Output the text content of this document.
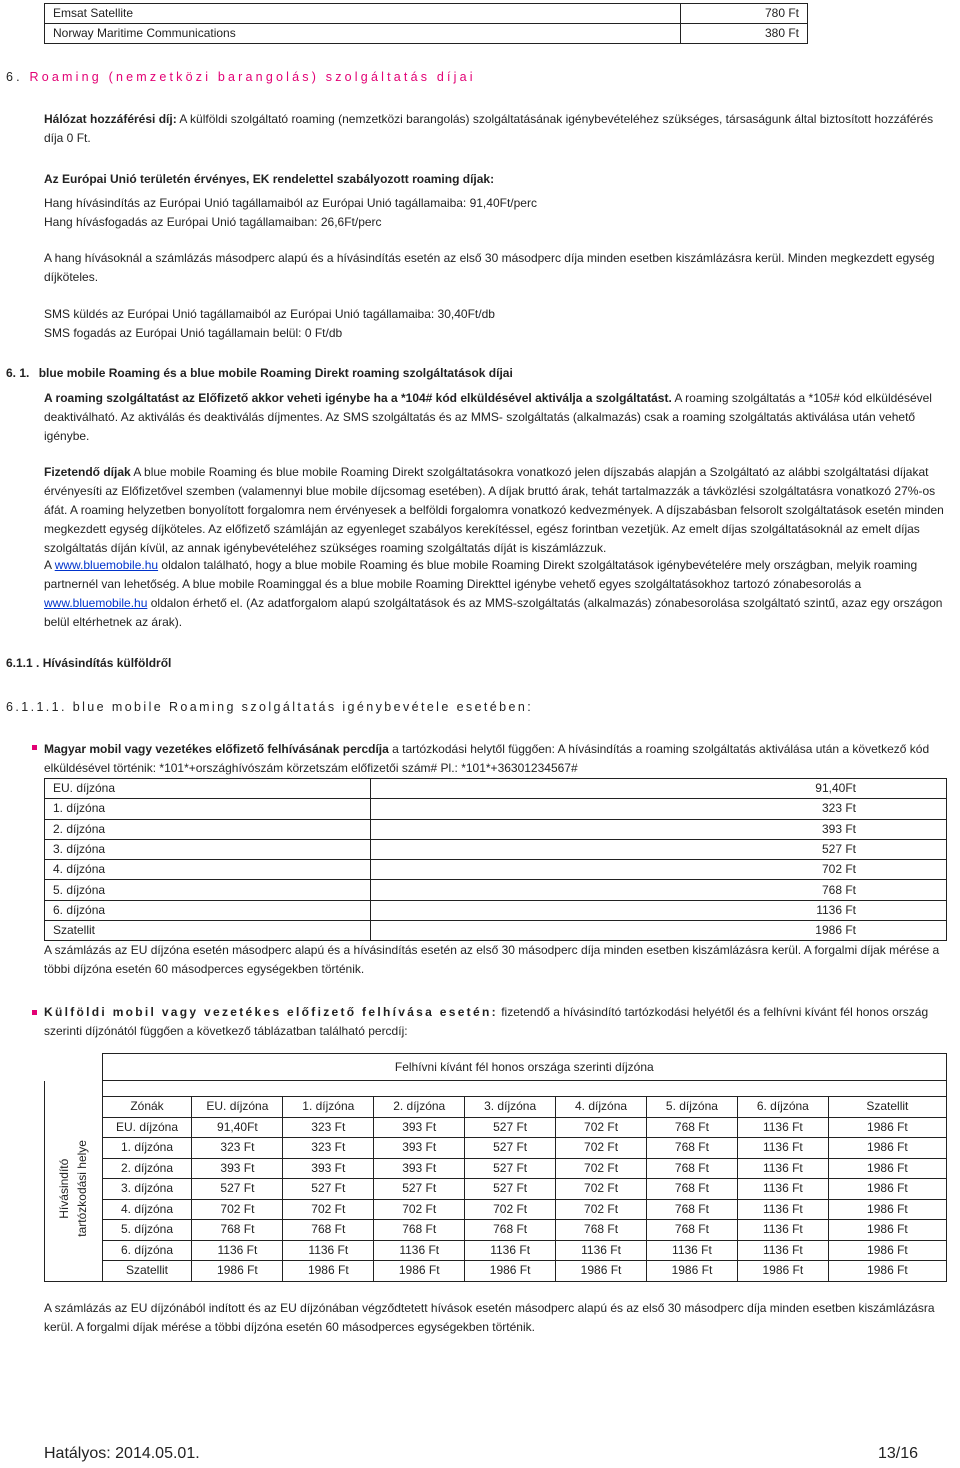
Emsat Satellite	780 Ft
Norway Maritime Communications	380 Ft
6. Roaming (nemzetközi barangolás) szolgáltatás díjai

Hálózat hozzáférési díj: A külföldi szolgáltató roaming (nemzetközi barangolás) szolgáltatásának igénybevételéhez szükséges, társaságunk által biztosított hozzáférés díja 0 Ft.

Az Európai Unió területén érvényes, EK rendelettel szabályozott roaming díjak:
Hang hívásindítás az Európai Unió tagállamaiból az Európai Unió tagállamaiba: 91,40Ft/perc
Hang hívásfogadás az Európai Unió tagállamaiban: 26,6Ft/perc

A hang hívásoknál a számlázás másodperc alapú és a hívásindítás esetén az első 30 másodperc díja minden esetben kiszámlázásra kerül. Minden megkezdett egység díjköteles.

SMS küldés az Európai Unió tagállamaiból az Európai Unió tagállamaiba: 30,40Ft/db
SMS fogadás az Európai Unió tagállamain belül: 0 Ft/db
6. 1. blue mobile Roaming és a blue mobile Roaming Direkt roaming szolgáltatások díjai

A roaming szolgáltatást az Előfizető akkor veheti igénybe ha a *104# kód elküldésével aktiválja a szolgáltatást. A roaming szolgáltatás a *105# kód elküldésével deaktiválható. Az aktiválás és deaktiválás díjmentes. Az SMS szolgáltatás és az MMS- szolgáltatás (alkalmazás) csak a roaming szolgáltatás aktiválása után vehető igénybe.

Fizetendő díjak A blue mobile Roaming és blue mobile Roaming Direkt szolgáltatásokra vonatkozó jelen díjszabás alapján a Szolgáltató az alábbi szolgáltatási díjakat érvényesíti az Előfizetővel szemben (valamennyi blue mobile díjcsomag esetében). A díjak bruttó árak, tehát tartalmazzák a távközlési szolgáltatásra vonatkozó 27%-os áfát. A roaming helyzetben bonyolított forgalomra nem érvényesek a belföldi forgalomra vonatkozó kedvezmények. A díjszabásban felsorolt szolgáltatások esetén minden megkezdett egység díjköteles. Az előfizető számláján az egyenleget szabályos kerekítéssel, egész forintban vezetjük. Az emelt díjas szolgáltatásoknál az emelt díjas szolgáltatás díján kívül, az annak igénybevételéhez szükséges roaming szolgáltatás díját is kiszámlázzuk.

A www.bluemobile.hu oldalon található, hogy a blue mobile Roaming és blue mobile Roaming Direkt szolgáltatások igénybevételére mely országban, melyik roaming partnernél van lehetőség. A blue mobile Roaminggal és a blue mobile Roaming Direkttel igénybe vehető egyes szolgáltatásokhoz tartozó zónabesorolás a www.bluemobile.hu oldalon érhető el. (Az adatforgalom alapú szolgáltatások és az MMS-szolgáltatás (alkalmazás) zónabesorolása szolgáltató szintű, azaz egy országon belül eltérhetnek az árak).

6.1.1 . Hívásindítás külföldről
6.1.1.1. blue mobile Roaming szolgáltatás igénybevétele esetében:

Magyar mobil vagy vezetékes előfizető felhívásának percdíja a tartózkodási helytől függően: A hívásindítás a roaming szolgáltatás aktiválása után a következő kód elküldésével történik: *101*+országhívószám körzetszám előfizetői szám# Pl.: *101*+36301234567#

EU. díjzóna	91,40Ft
1. díjzóna	323 Ft
2. díjzóna	393 Ft
3. díjzóna	527 Ft
4. díjzóna	702 Ft
5. díjzóna	768 Ft
6. díjzóna	1136 Ft
Szatellit	1986 Ft

A számlázás az EU díjzóna esetén másodperc alapú és a hívásindítás esetén az első 30 másodperc díja minden esetben kiszámlázásra kerül. A forgalmi díjak mérése a többi díjzóna esetén 60 másodperces egységekben történik.

Külföldi mobil vagy vezetékes előfizető felhívása esetén: fizetendő a hívásindító tartózkodási helyétől és a felhívni kívánt fél honos ország szerinti díjzónától függően a következő táblázatban található percdíj:

	Felhívni kívánt fél honos országa szerinti díjzóna								

Hívásindító tartózkodási helye	Zónák	EU. díjzóna	1. díjzóna	2. díjzóna	3. díjzóna	4. díjzóna	5. díjzóna	6. díjzóna	Szatellit
	EU. díjzóna	91,40Ft	323 Ft	393 Ft	527 Ft	702 Ft	768 Ft	1136 Ft	1986 Ft
	1. díjzóna	323 Ft	323 Ft	393 Ft	527 Ft	702 Ft	768 Ft	1136 Ft	1986 Ft
	2. díjzóna	393 Ft	393 Ft	393 Ft	527 Ft	702 Ft	768 Ft	1136 Ft	1986 Ft
	3. díjzóna	527 Ft	527 Ft	527 Ft	527 Ft	702 Ft	768 Ft	1136 Ft	1986 Ft
	4. díjzóna	702 Ft	702 Ft	702 Ft	702 Ft	702 Ft	768 Ft	1136 Ft	1986 Ft
	5. díjzóna	768 Ft	768 Ft	768 Ft	768 Ft	768 Ft	768 Ft	1136 Ft	1986 Ft
	6. díjzóna	1136 Ft	1136 Ft	1136 Ft	1136 Ft	1136 Ft	1136 Ft	1136 Ft	1986 Ft
	Szatellit	1986 Ft	1986 Ft	1986 Ft	1986 Ft	1986 Ft	1986 Ft	1986 Ft	1986 Ft

A számlázás az EU díjzónából indított és az EU díjzónában végződtetett hívások esetén másodperc alapú és az első 30 másodperc díja minden esetben kiszámlázásra kerül. A forgalmi díjak mérése a többi díjzóna esetén 60 másodperces egységekben történik.

Hatályos: 2014.05.01.	13/16
